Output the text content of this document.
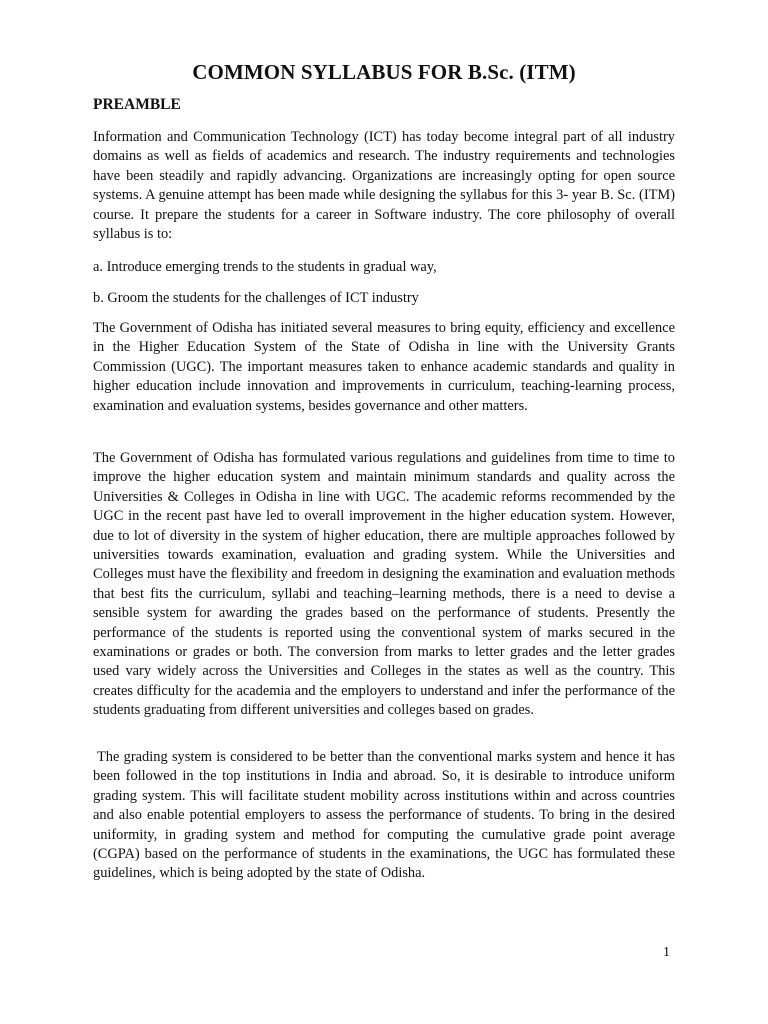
COMMON SYLLABUS FOR B.Sc. (ITM)
PREAMBLE

Information and Communication Technology (ICT) has today become integral part of all industry domains as well as fields of academics and research. The industry requirements and technologies have been steadily and rapidly advancing. Organizations are increasingly opting for open source systems. A genuine attempt has been made while designing the syllabus for this 3- year B. Sc. (ITM) course. It prepare the students for a career in Software industry. The core philosophy of overall syllabus is to:

a. Introduce emerging trends to the students in gradual way,

b. Groom the students for the challenges of ICT industry

The Government of Odisha has initiated several measures to bring equity, efficiency and excellence in the Higher Education System of the State of Odisha in line with the University Grants Commission (UGC). The important measures taken to enhance academic standards and quality in higher education include innovation and improvements in curriculum, teaching-learning process, examination and evaluation systems, besides governance and other matters.

The Government of Odisha has formulated various regulations and guidelines from time to time to improve the higher education system and maintain minimum standards and quality across the Universities & Colleges in Odisha in line with UGC. The academic reforms recommended by the UGC in the recent past have led to overall improvement in the higher education system. However, due to lot of diversity in the system of higher education, there are multiple approaches followed by universities towards examination, evaluation and grading system. While the Universities and Colleges must have the flexibility and freedom in designing the examination and evaluation methods that best fits the curriculum, syllabi and teaching–learning methods, there is a need to devise a sensible system for awarding the grades based on the performance of students. Presently the performance of the students is reported using the conventional system of marks secured in the examinations or grades or both. The conversion from marks to letter grades and the letter grades used vary widely across the Universities and Colleges in the states as well as the country. This creates difficulty for the academia and the employers to understand and infer the performance of the students graduating from different universities and colleges based on grades.

The grading system is considered to be better than the conventional marks system and hence it has been followed in the top institutions in India and abroad. So, it is desirable to introduce uniform grading system. This will facilitate student mobility across institutions within and across countries and also enable potential employers to assess the performance of students. To bring in the desired uniformity, in grading system and method for computing the cumulative grade point average (CGPA) based on the performance of students in the examinations, the UGC has formulated these guidelines, which is being adopted by the state of Odisha.

1
